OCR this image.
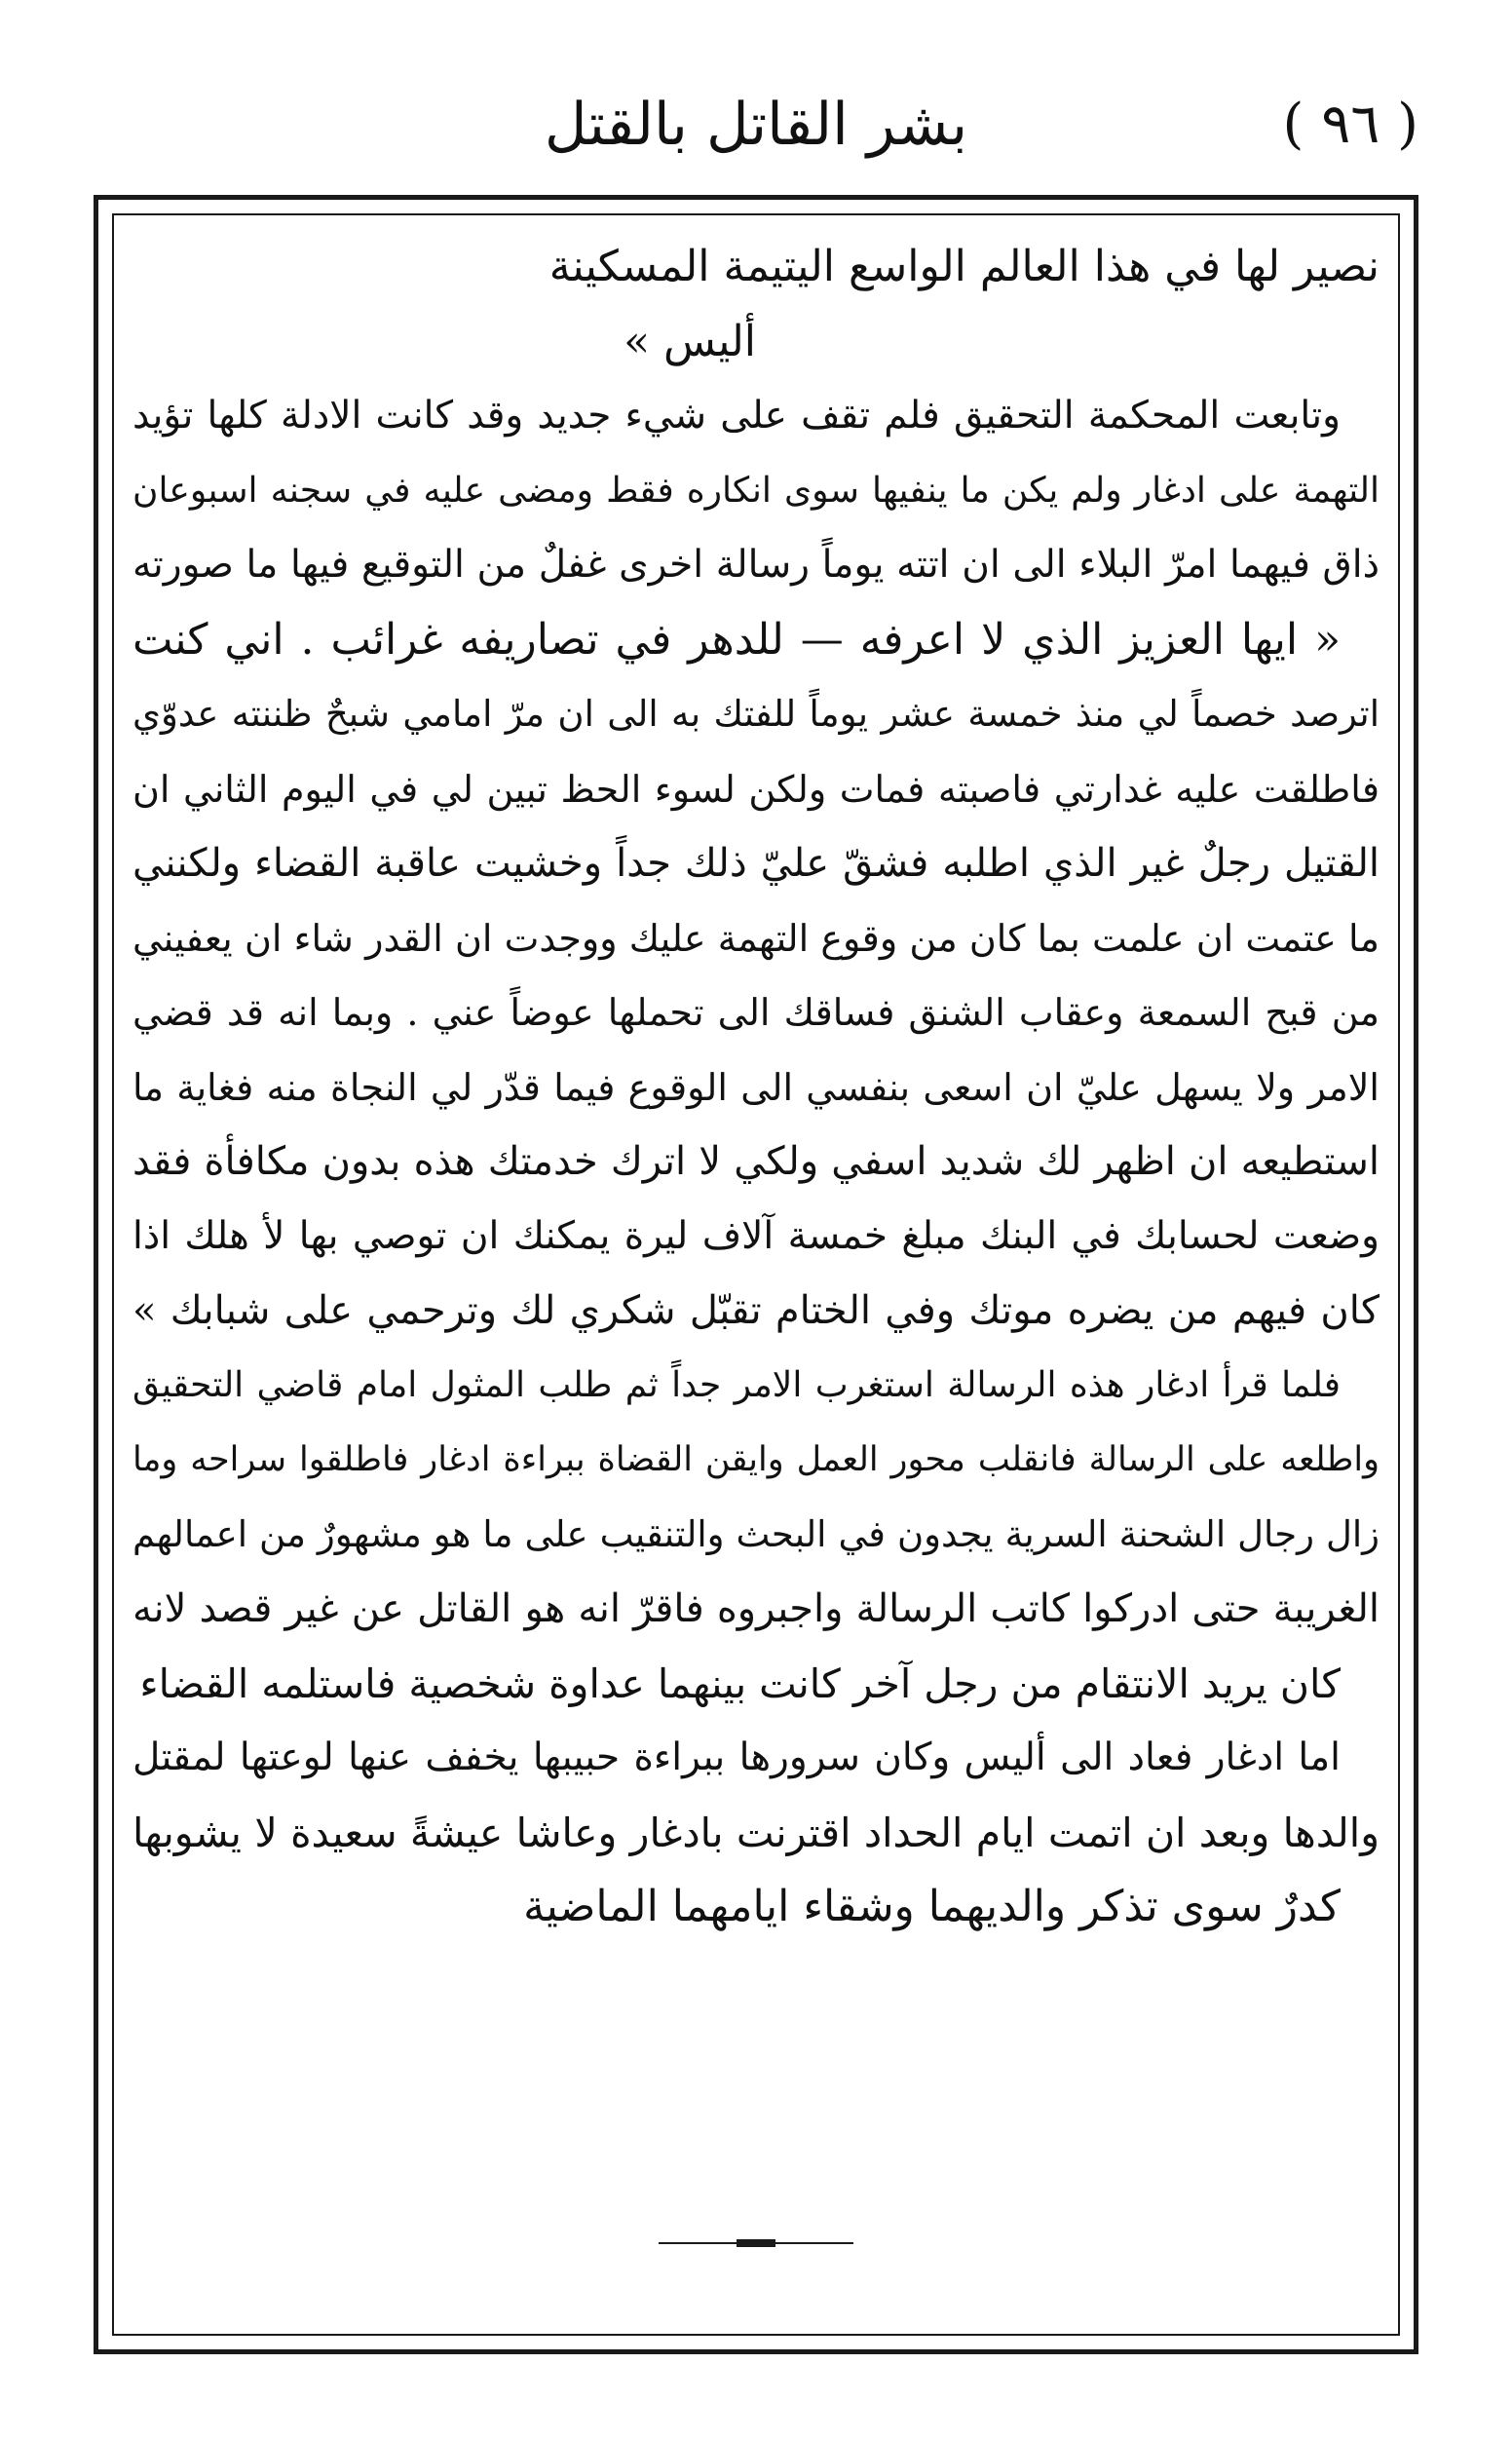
( ٩٦ )
بشر القاتل بالقتل
نصير لها في هذا العالم الواسع اليتيمة المسكينة
أليس »
وتابعت المحكمة التحقيق فلم تقف على شيء جديد وقد كانت الادلة كلها تؤيد
التهمة على ادغار ولم يكن ما ينفيها سوى انكاره فقط ومضى عليه في سجنه اسبوعان
ذاق فيهما امرّ البلاء الى ان اتته يوماً رسالة اخرى غفلٌ من التوقيع فيها ما صورته
« ايها العزيز الذي لا اعرفه — للدهر في تصاريفه غرائب . اني كنت
اترصد خصماً لي منذ خمسة عشر يوماً للفتك به الى ان مرّ امامي شبحٌ ظننته عدوّي
فاطلقت عليه غدارتي فاصبته فمات ولكن لسوء الحظ تبين لي في اليوم الثاني ان
القتيل رجلٌ غير الذي اطلبه فشقّ عليّ ذلك جداً وخشيت عاقبة القضاء ولكنني
ما عتمت ان علمت بما كان من وقوع التهمة عليك ووجدت ان القدر شاء ان يعفيني
من قبح السمعة وعقاب الشنق فساقك الى تحملها عوضاً عني . وبما انه قد قضي
الامر ولا يسهل عليّ ان اسعى بنفسي الى الوقوع فيما قدّر لي النجاة منه فغاية ما
استطيعه ان اظهر لك شديد اسفي ولكي لا اترك خدمتك هذه بدون مكافأة فقد
وضعت لحسابك في البنك مبلغ خمسة آلاف ليرة يمكنك ان توصي بها لأ هلك اذا
كان فيهم من يضره موتك وفي الختام تقبّل شكري لك وترحمي على شبابك »
فلما قرأ ادغار هذه الرسالة استغرب الامر جداً ثم طلب المثول امام قاضي التحقيق
واطلعه على الرسالة فانقلب محور العمل وايقن القضاة ببراءة ادغار فاطلقوا سراحه وما
زال رجال الشحنة السرية يجدون في البحث والتنقيب على ما هو مشهورٌ من اعمالهم
الغريبة حتى ادركوا كاتب الرسالة واجبروه فاقرّ انه هو القاتل عن غير قصد لانه
كان يريد الانتقام من رجل آخر كانت بينهما عداوة شخصية فاستلمه القضاء
اما ادغار فعاد الى أليس وكان سرورها ببراءة حبيبها يخفف عنها لوعتها لمقتل
والدها وبعد ان اتمت ايام الحداد اقترنت بادغار وعاشا عيشةً سعيدة لا يشوبها
كدرٌ سوى تذكر والديهما وشقاء ايامهما الماضية
